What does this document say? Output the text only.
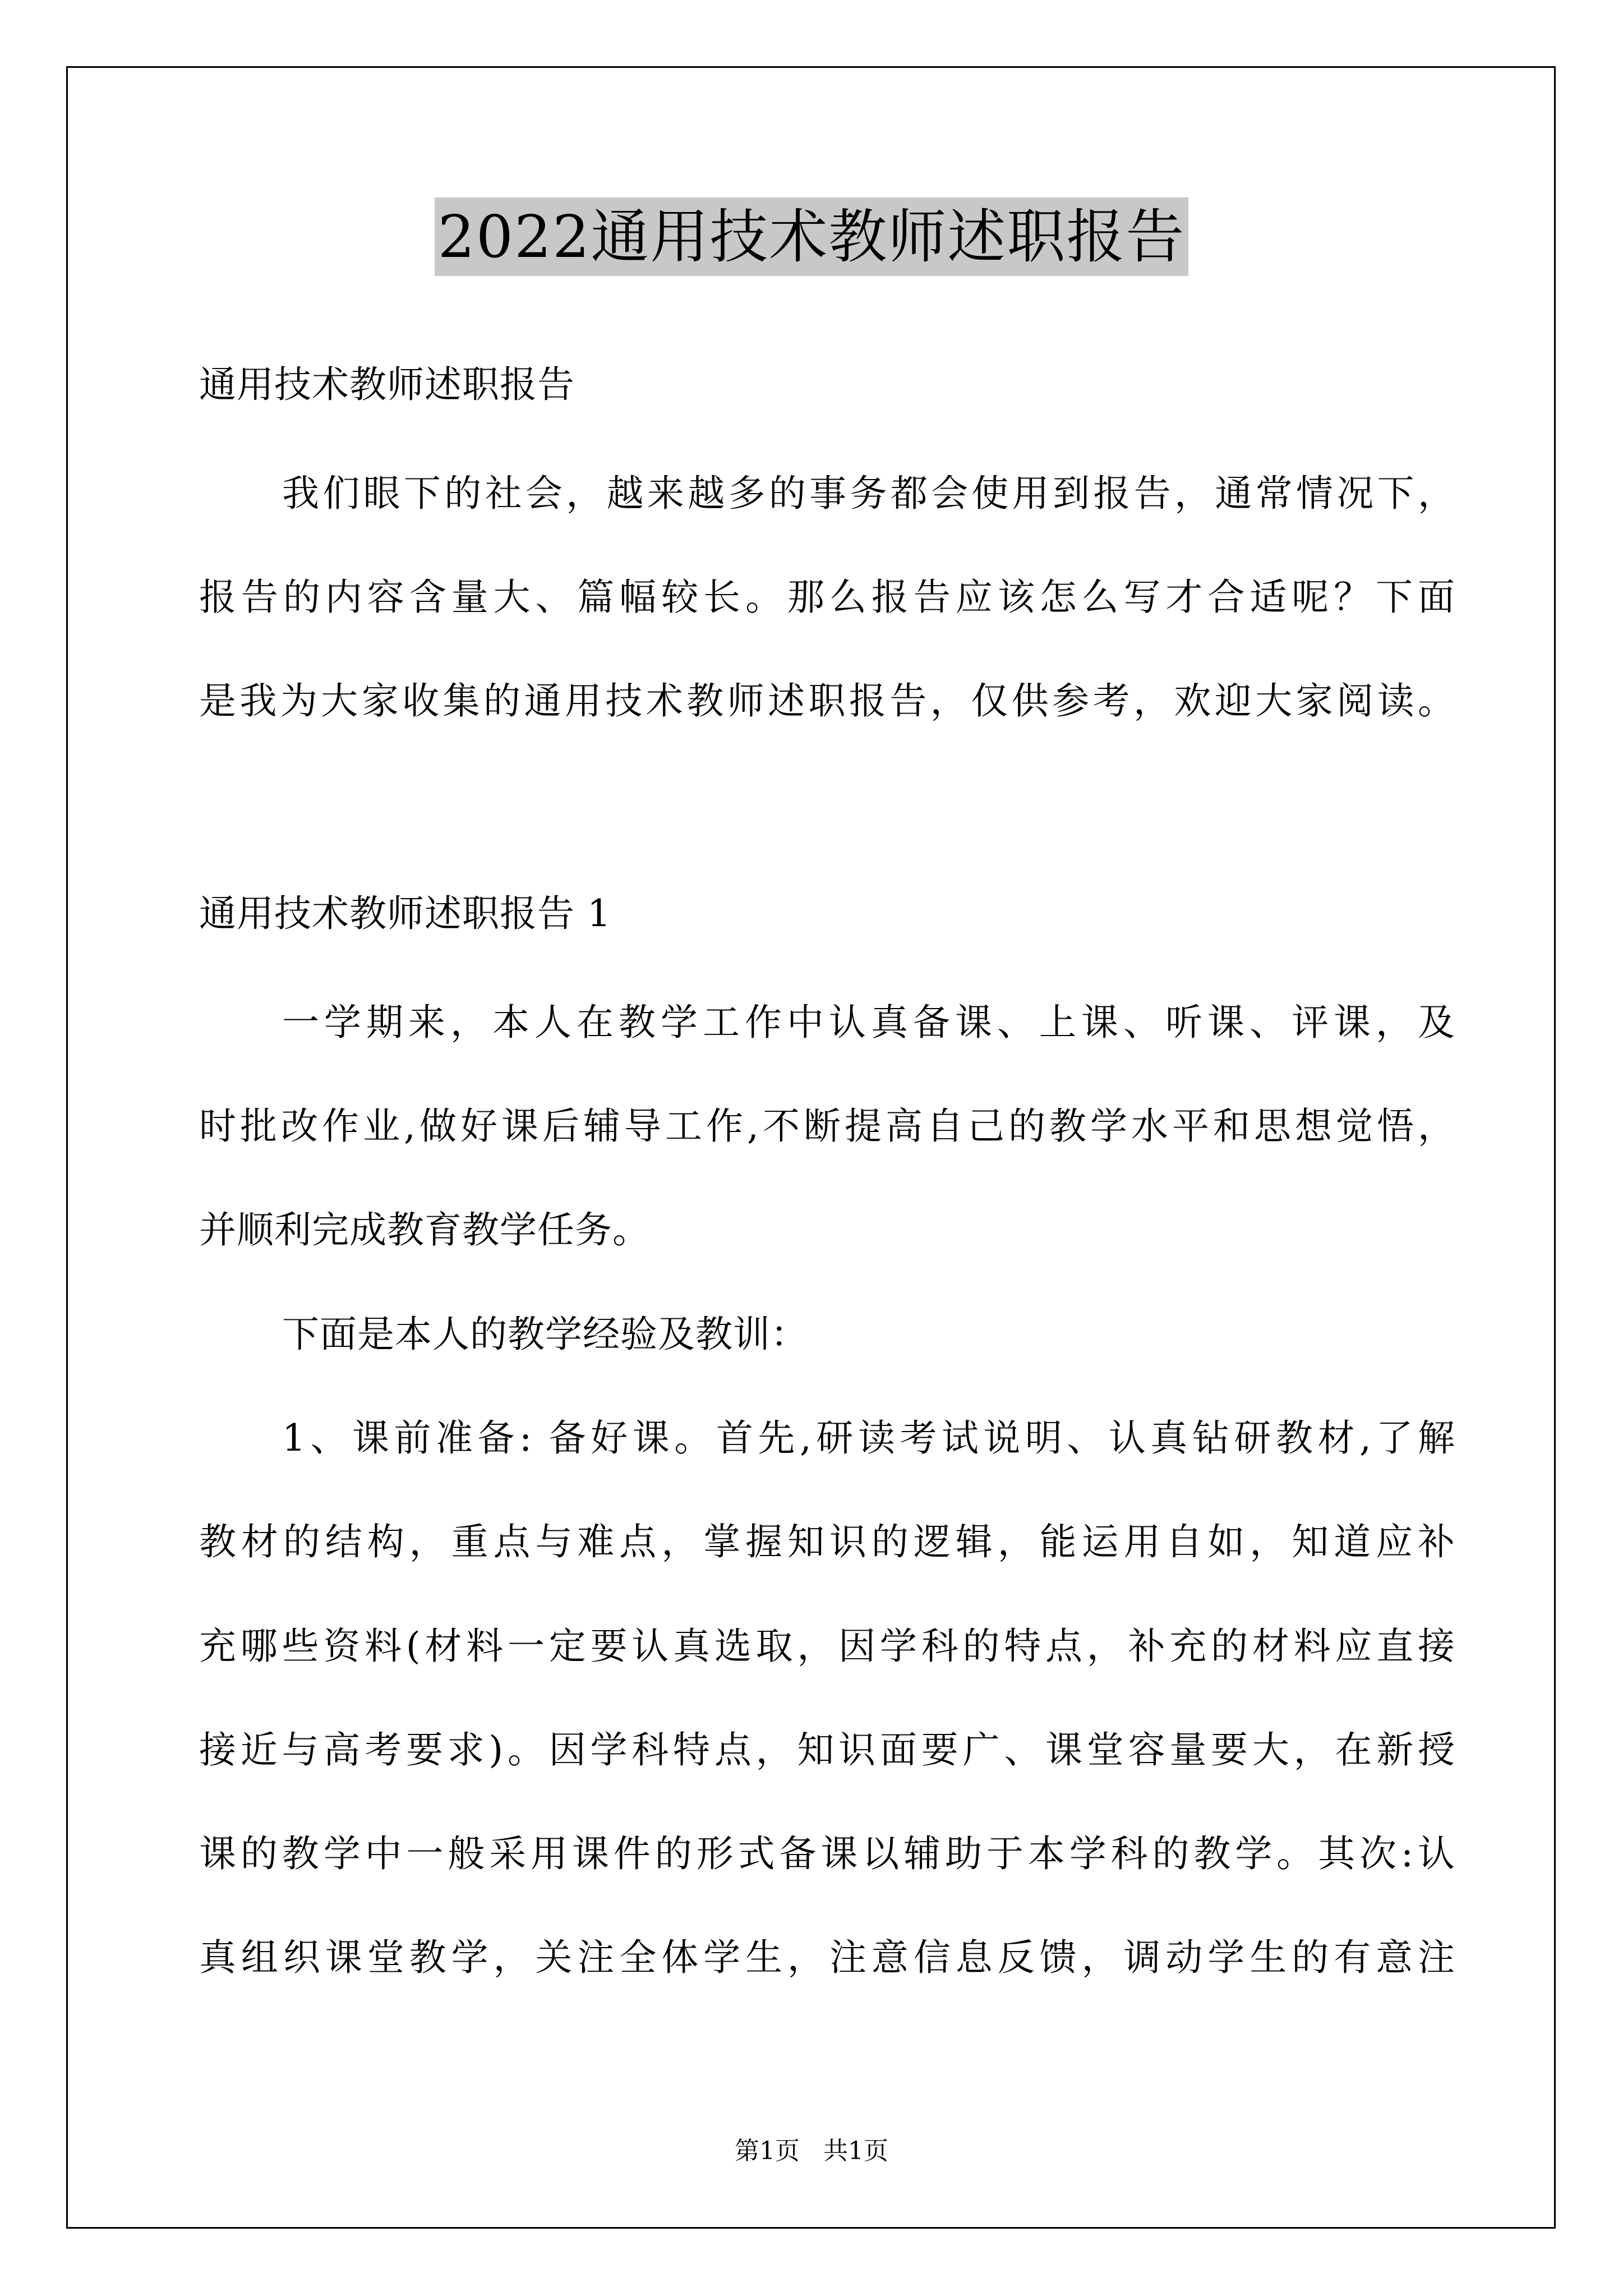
2022通用技术教师述职报告
通用技术教师述职报告
我们眼下的社会，越来越多的事务都会使用到报告，通常情况下，
报告的内容含量大、篇幅较长。那么报告应该怎么写才合适呢？下面
是我为大家收集的通用技术教师述职报告，仅供参考，欢迎大家阅读。
通用技术教师述职报告 1
一学期来，本人在教学工作中认真备课、上课、听课、评课，及
时批改作业,做好课后辅导工作,不断提高自己的教学水平和思想觉悟，
并顺利完成教育教学任务。
下面是本人的教学经验及教训：
1、课前准备: 备好课。首先,研读考试说明、认真钻研教材,了解
教材的结构，重点与难点，掌握知识的逻辑，能运用自如，知道应补
充哪些资料(材料一定要认真选取，因学科的特点，补充的材料应直接
接近与高考要求)。因学科特点，知识面要广、课堂容量要大，在新授
课的教学中一般采用课件的形式备课以辅助于本学科的教学。其次:认
真组织课堂教学，关注全体学生，注意信息反馈，调动学生的有意注
第1页   共1页
